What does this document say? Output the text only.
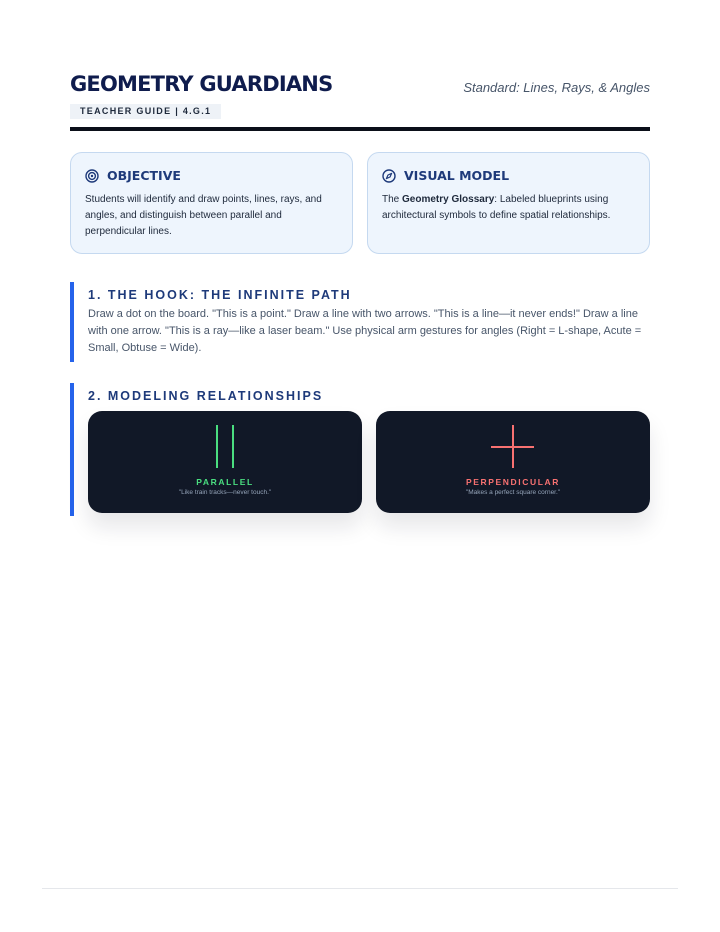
GEOMETRY GUARDIANS
TEACHER GUIDE | 4.G.1
Standard: Lines, Rays, & Angles
OBJECTIVE
Students will identify and draw points, lines, rays, and angles, and distinguish between parallel and perpendicular lines.
VISUAL MODEL
The Geometry Glossary: Labeled blueprints using architectural symbols to define spatial relationships.
1. THE HOOK: THE INFINITE PATH
Draw a dot on the board. "This is a point." Draw a line with two arrows. "This is a line—it never ends!" Draw a line with one arrow. "This is a ray—like a laser beam." Use physical arm gestures for angles (Right = L-shape, Acute = Small, Obtuse = Wide).
2. MODELING RELATIONSHIPS
PARALLEL
"Like train tracks—never touch."
PERPENDICULAR
"Makes a perfect square corner."
